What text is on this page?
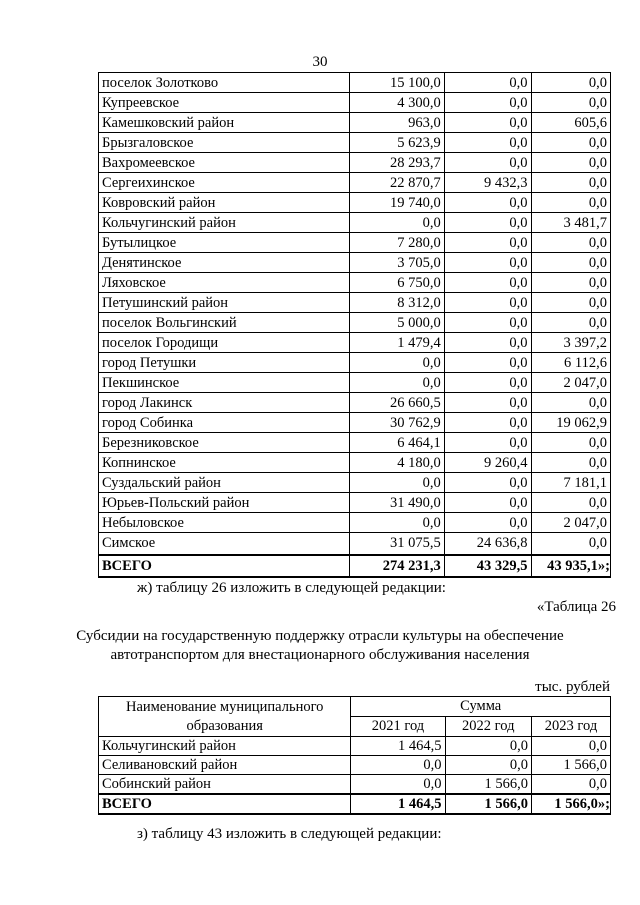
30
поселок Золотково	15 100,0	0,0	0,0
Купреевское	4 300,0	0,0	0,0
Камешковский район	963,0	0,0	605,6
Брызгаловское	5 623,9	0,0	0,0
Вахромеевское	28 293,7	0,0	0,0
Сергеихинское	22 870,7	9 432,3	0,0
Ковровский район	19 740,0	0,0	0,0
Кольчугинский район	0,0	0,0	3 481,7
Бутылицкое	7 280,0	0,0	0,0
Денятинское	3 705,0	0,0	0,0
Ляховское	6 750,0	0,0	0,0
Петушинский район	8 312,0	0,0	0,0
поселок Вольгинский	5 000,0	0,0	0,0
поселок Городищи	1 479,4	0,0	3 397,2
город Петушки	0,0	0,0	6 112,6
Пекшинское	0,0	0,0	2 047,0
город Лакинск	26 660,5	0,0	0,0
город Собинка	30 762,9	0,0	19 062,9
Березниковское	6 464,1	0,0	0,0
Копнинское	4 180,0	9 260,4	0,0
Суздальский район	0,0	0,0	7 181,1
Юрьев-Польский район	31 490,0	0,0	0,0
Небыловское	0,0	0,0	2 047,0
Симское	31 075,5	24 636,8	0,0
ВСЕГО	274 231,3	43 329,5	43 935,1»;
ж) таблицу 26 изложить в следующей редакции:
«Таблица 26
Субсидии на государственную поддержку отрасли культуры на обеспечение
автотранспортом для внестационарного обслуживания населения
тыс. рублей
Наименование муниципального
образования	Сумма		
	2021 год	2022 год	2023 год
Кольчугинский район	1 464,5	0,0	0,0
Селивановский район	0,0	0,0	1 566,0
Собинский район	0,0	1 566,0	0,0
ВСЕГО	1 464,5	1 566,0	1 566,0»;
з) таблицу 43 изложить в следующей редакции:
